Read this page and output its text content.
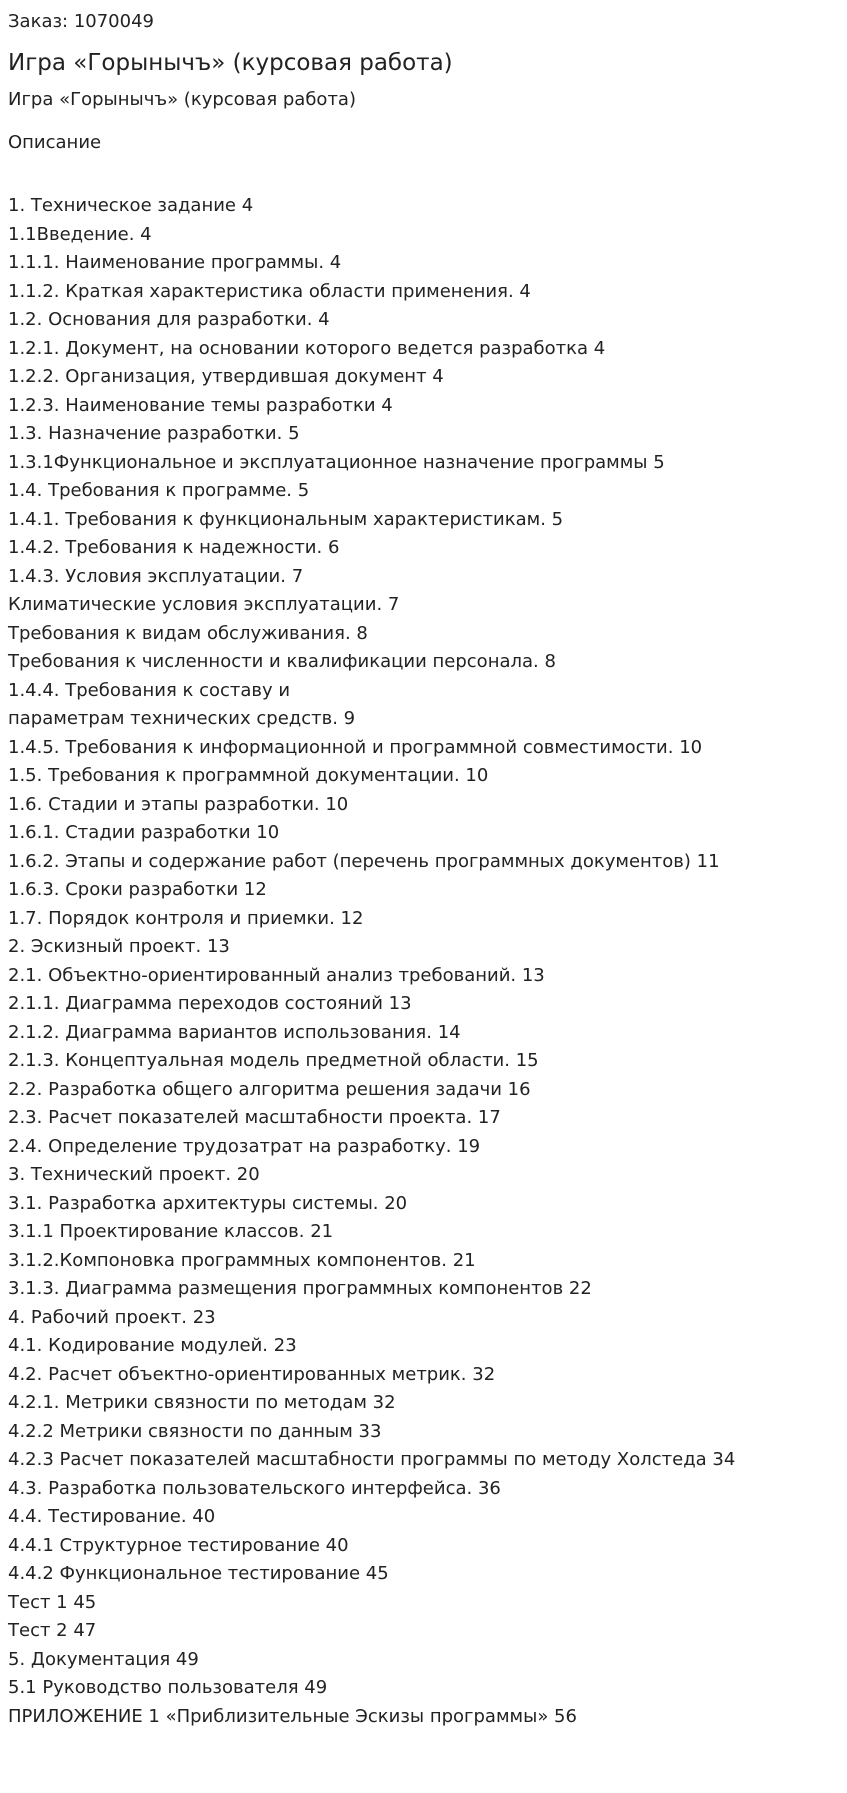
Заказ: 1070049

Игра «Горынычъ» (курсовая работа)

Игра «Горынычъ» (курсовая работа)

Описание

1. Техническое задание 4
1.1Введение. 4
1.1.1. Наименование программы. 4
1.1.2. Краткая характеристика области применения. 4
1.2. Основания для разработки. 4
1.2.1. Документ, на основании которого ведется разработка 4
1.2.2. Организация, утвердившая документ 4
1.2.3. Наименование темы разработки 4
1.3. Назначение разработки. 5
1.3.1Функциональное и эксплуатационное назначение программы 5
1.4. Требования к программе. 5
1.4.1. Требования к функциональным характеристикам. 5
1.4.2. Требования к надежности. 6
1.4.3. Условия эксплуатации. 7
Климатические условия эксплуатации. 7
Требования к видам обслуживания. 8
Требования к численности и квалификации персонала. 8
1.4.4. Требования к составу и
параметрам технических средств. 9
1.4.5. Требования к информационной и программной совместимости. 10
1.5. Требования к программной документации. 10
1.6. Стадии и этапы разработки. 10
1.6.1. Стадии разработки 10
1.6.2. Этапы и содержание работ (перечень программных документов) 11
1.6.3. Сроки разработки 12
1.7. Порядок контроля и приемки. 12
2. Эскизный проект. 13
2.1. Объектно-ориентированный анализ требований. 13
2.1.1. Диаграмма переходов состояний 13
2.1.2. Диаграмма вариантов использования. 14
2.1.3. Концептуальная модель предметной области. 15
2.2. Разработка общего алгоритма решения задачи 16
2.3. Расчет показателей масштабности проекта. 17
2.4. Определение трудозатрат на разработку. 19
3. Технический проект. 20
3.1. Разработка архитектуры системы. 20
3.1.1 Проектирование классов. 21
3.1.2.Компоновка программных компонентов. 21
3.1.3. Диаграмма размещения программных компонентов 22
4. Рабочий проект. 23
4.1. Кодирование модулей. 23
4.2. Расчет объектно-ориентированных метрик. 32
4.2.1. Метрики связности по методам 32
4.2.2 Метрики связности по данным 33
4.2.3 Расчет показателей масштабности программы по методу Холстеда 34
4.3. Разработка пользовательского интерфейса. 36
4.4. Тестирование. 40
4.4.1 Структурное тестирование 40
4.4.2 Функциональное тестирование 45
Тест 1 45
Тест 2 47
5. Документация 49
5.1 Руководство пользователя 49
ПРИЛОЖЕНИЕ 1 «Приблизительные Эскизы программы» 56
